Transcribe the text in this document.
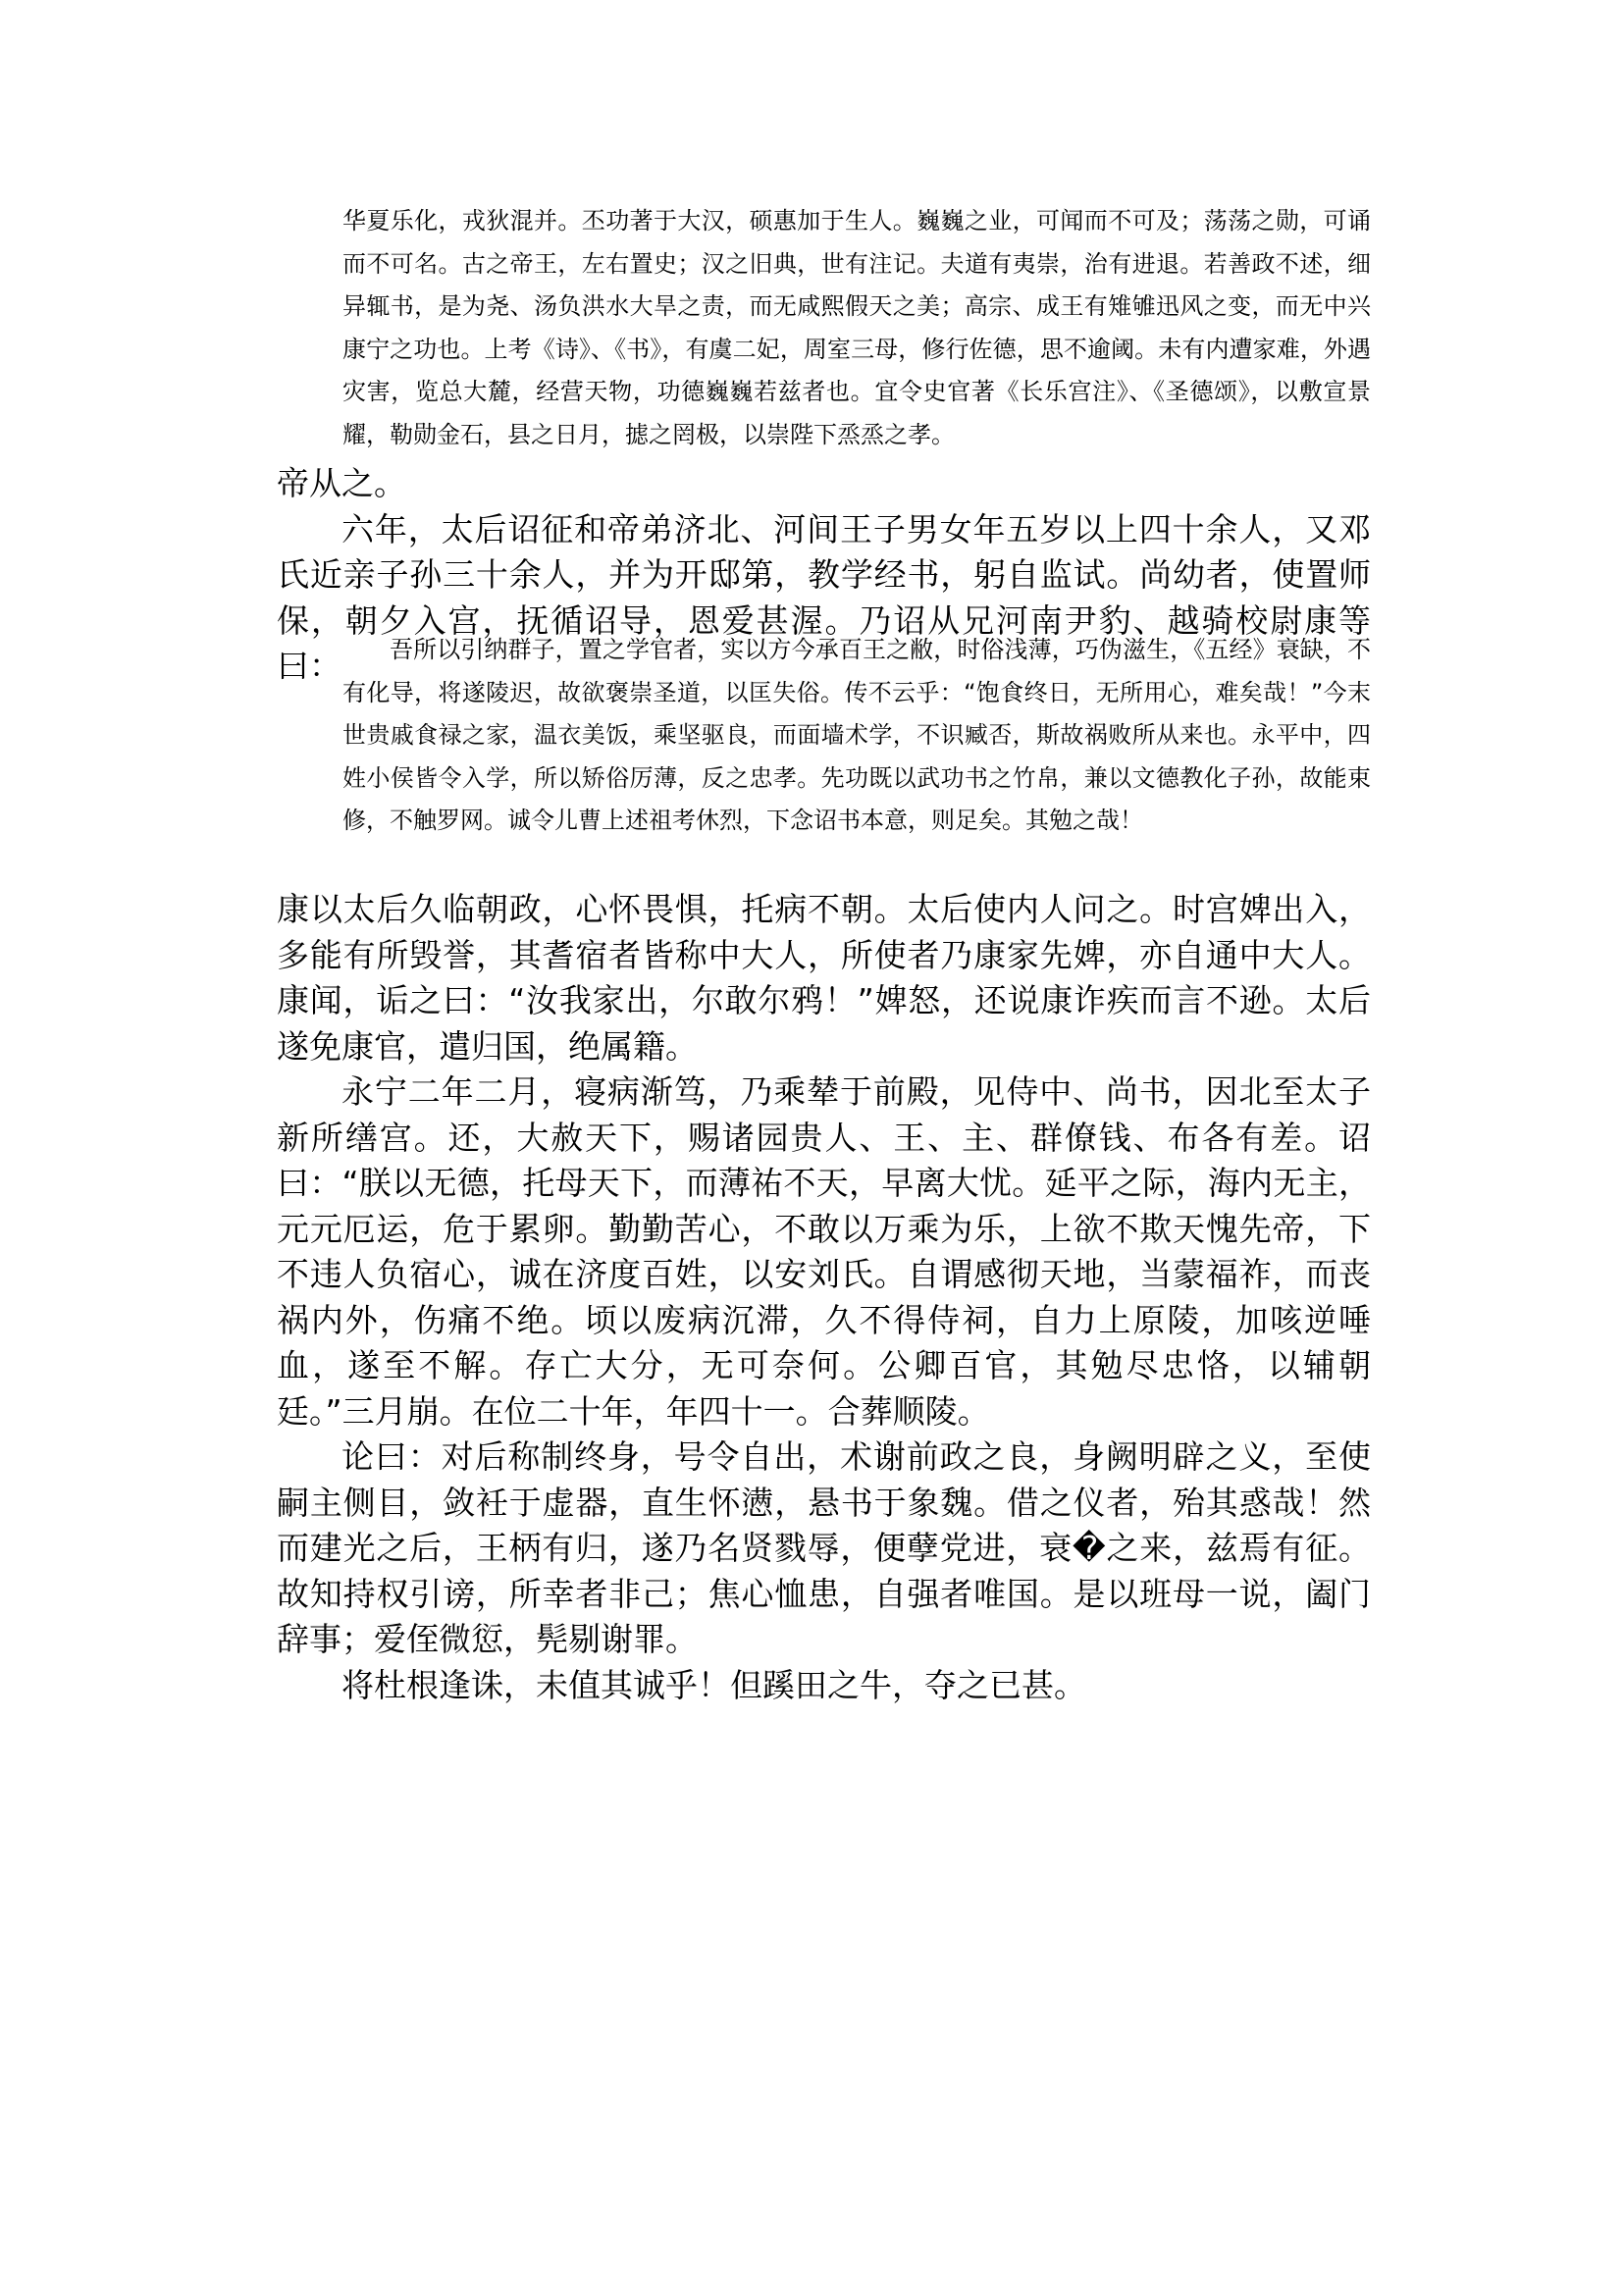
华夏乐化，戎狄混并。丕功著于大汉，硕惠加于生人。巍巍之业，可闻而不可及；荡荡之勋，可诵而不可名。古之帝王，左右置史；汉之旧典，世有注记。夫道有夷崇，治有进退。若善政不述，细异辄书，是为尧、汤负洪水大旱之责，而无咸熙假天之美；高宗、成王有雉雊迅风之变，而无中兴康宁之功也。上考《诗》、《书》，有虞二妃，周室三母，修行佐德，思不逾阈。未有内遭家难，外遇灾害，览总大麓，经营天物，功德巍巍若兹者也。宜令史官著《长乐宫注》、《圣德颂》，以敷宣景耀，勒勋金石，县之日月，摅之罔极，以崇陛下烝烝之孝。

帝从之。

六年，太后诏征和帝弟济北、河间王子男女年五岁以上四十余人，又邓氏近亲子孙三十余人，并为开邸第，教学经书，躬自监试。尚幼者，使置师保，朝夕入宫，抚循诏导，恩爱甚渥。乃诏从兄河南尹豹、越骑校尉康等曰：	吾所以引纳群子，置之学官者，实以方今承百王之敝，时俗浅薄，巧伪滋生，《五经》衰缺，不有化导，将遂陵迟，故欲褒崇圣道，以匡失俗。传不云乎：“饱食终日，无所用心，难矣哉！”今末世贵戚食禄之家，温衣美饭，乘坚驱良，而面墙术学，不识臧否，斯故祸败所从来也。永平中，四姓小侯皆令入学，所以矫俗厉薄，反之忠孝。先功既以武功书之竹帛，兼以文德教化子孙，故能束修，不触罗网。诚令儿曹上述祖考休烈，下念诏书本意，则足矣。其勉之哉！

康以太后久临朝政，心怀畏惧，托病不朝。太后使内人问之。时宫婢出入，多能有所毁誉，其耆宿者皆称中大人，所使者乃康家先婢，亦自通中大人。康闻，诟之曰：“汝我家出，尔敢尔鸦！”婢怒，还说康诈疾而言不逊。太后遂免康官，遣归国，绝属籍。

永宁二年二月，寝病渐笃，乃乘辇于前殿，见侍中、尚书，因北至太子新所缮宫。还，大赦天下，赐诸园贵人、王、主、群僚钱、布各有差。诏曰：“朕以无德，托母天下，而薄祐不天，早离大忧。延平之际，海内无主，元元厄运，危于累卵。勤勤苦心，不敢以万乘为乐，上欲不欺天愧先帝，下不违人负宿心，诚在济度百姓，以安刘氏。自谓感彻天地，当蒙福祚，而丧祸内外，伤痛不绝。顷以废病沉滞，久不得侍祠，自力上原陵，加咳逆唾血，遂至不解。存亡大分，无可奈何。公卿百官，其勉尽忠恪，以辅朝廷。”三月崩。在位二十年，年四十一。合葬顺陵。

论曰：对后称制终身，号令自出，术谢前政之良，身阙明辟之义，至使嗣主侧目，敛衽于虚器，直生怀懑，悬书于象魏。借之仪者，殆其惑哉！然而建光之后，王柄有归，遂乃名贤戮辱，便孽党进，衰�之来，兹焉有征。故知持权引谤，所幸者非己；焦心恤患，自强者唯国。是以班母一说，阖门辞事；爱侄微愆，髡剔谢罪。

将杜根逢诛，未值其诚乎！但蹊田之牛，夺之已甚。
